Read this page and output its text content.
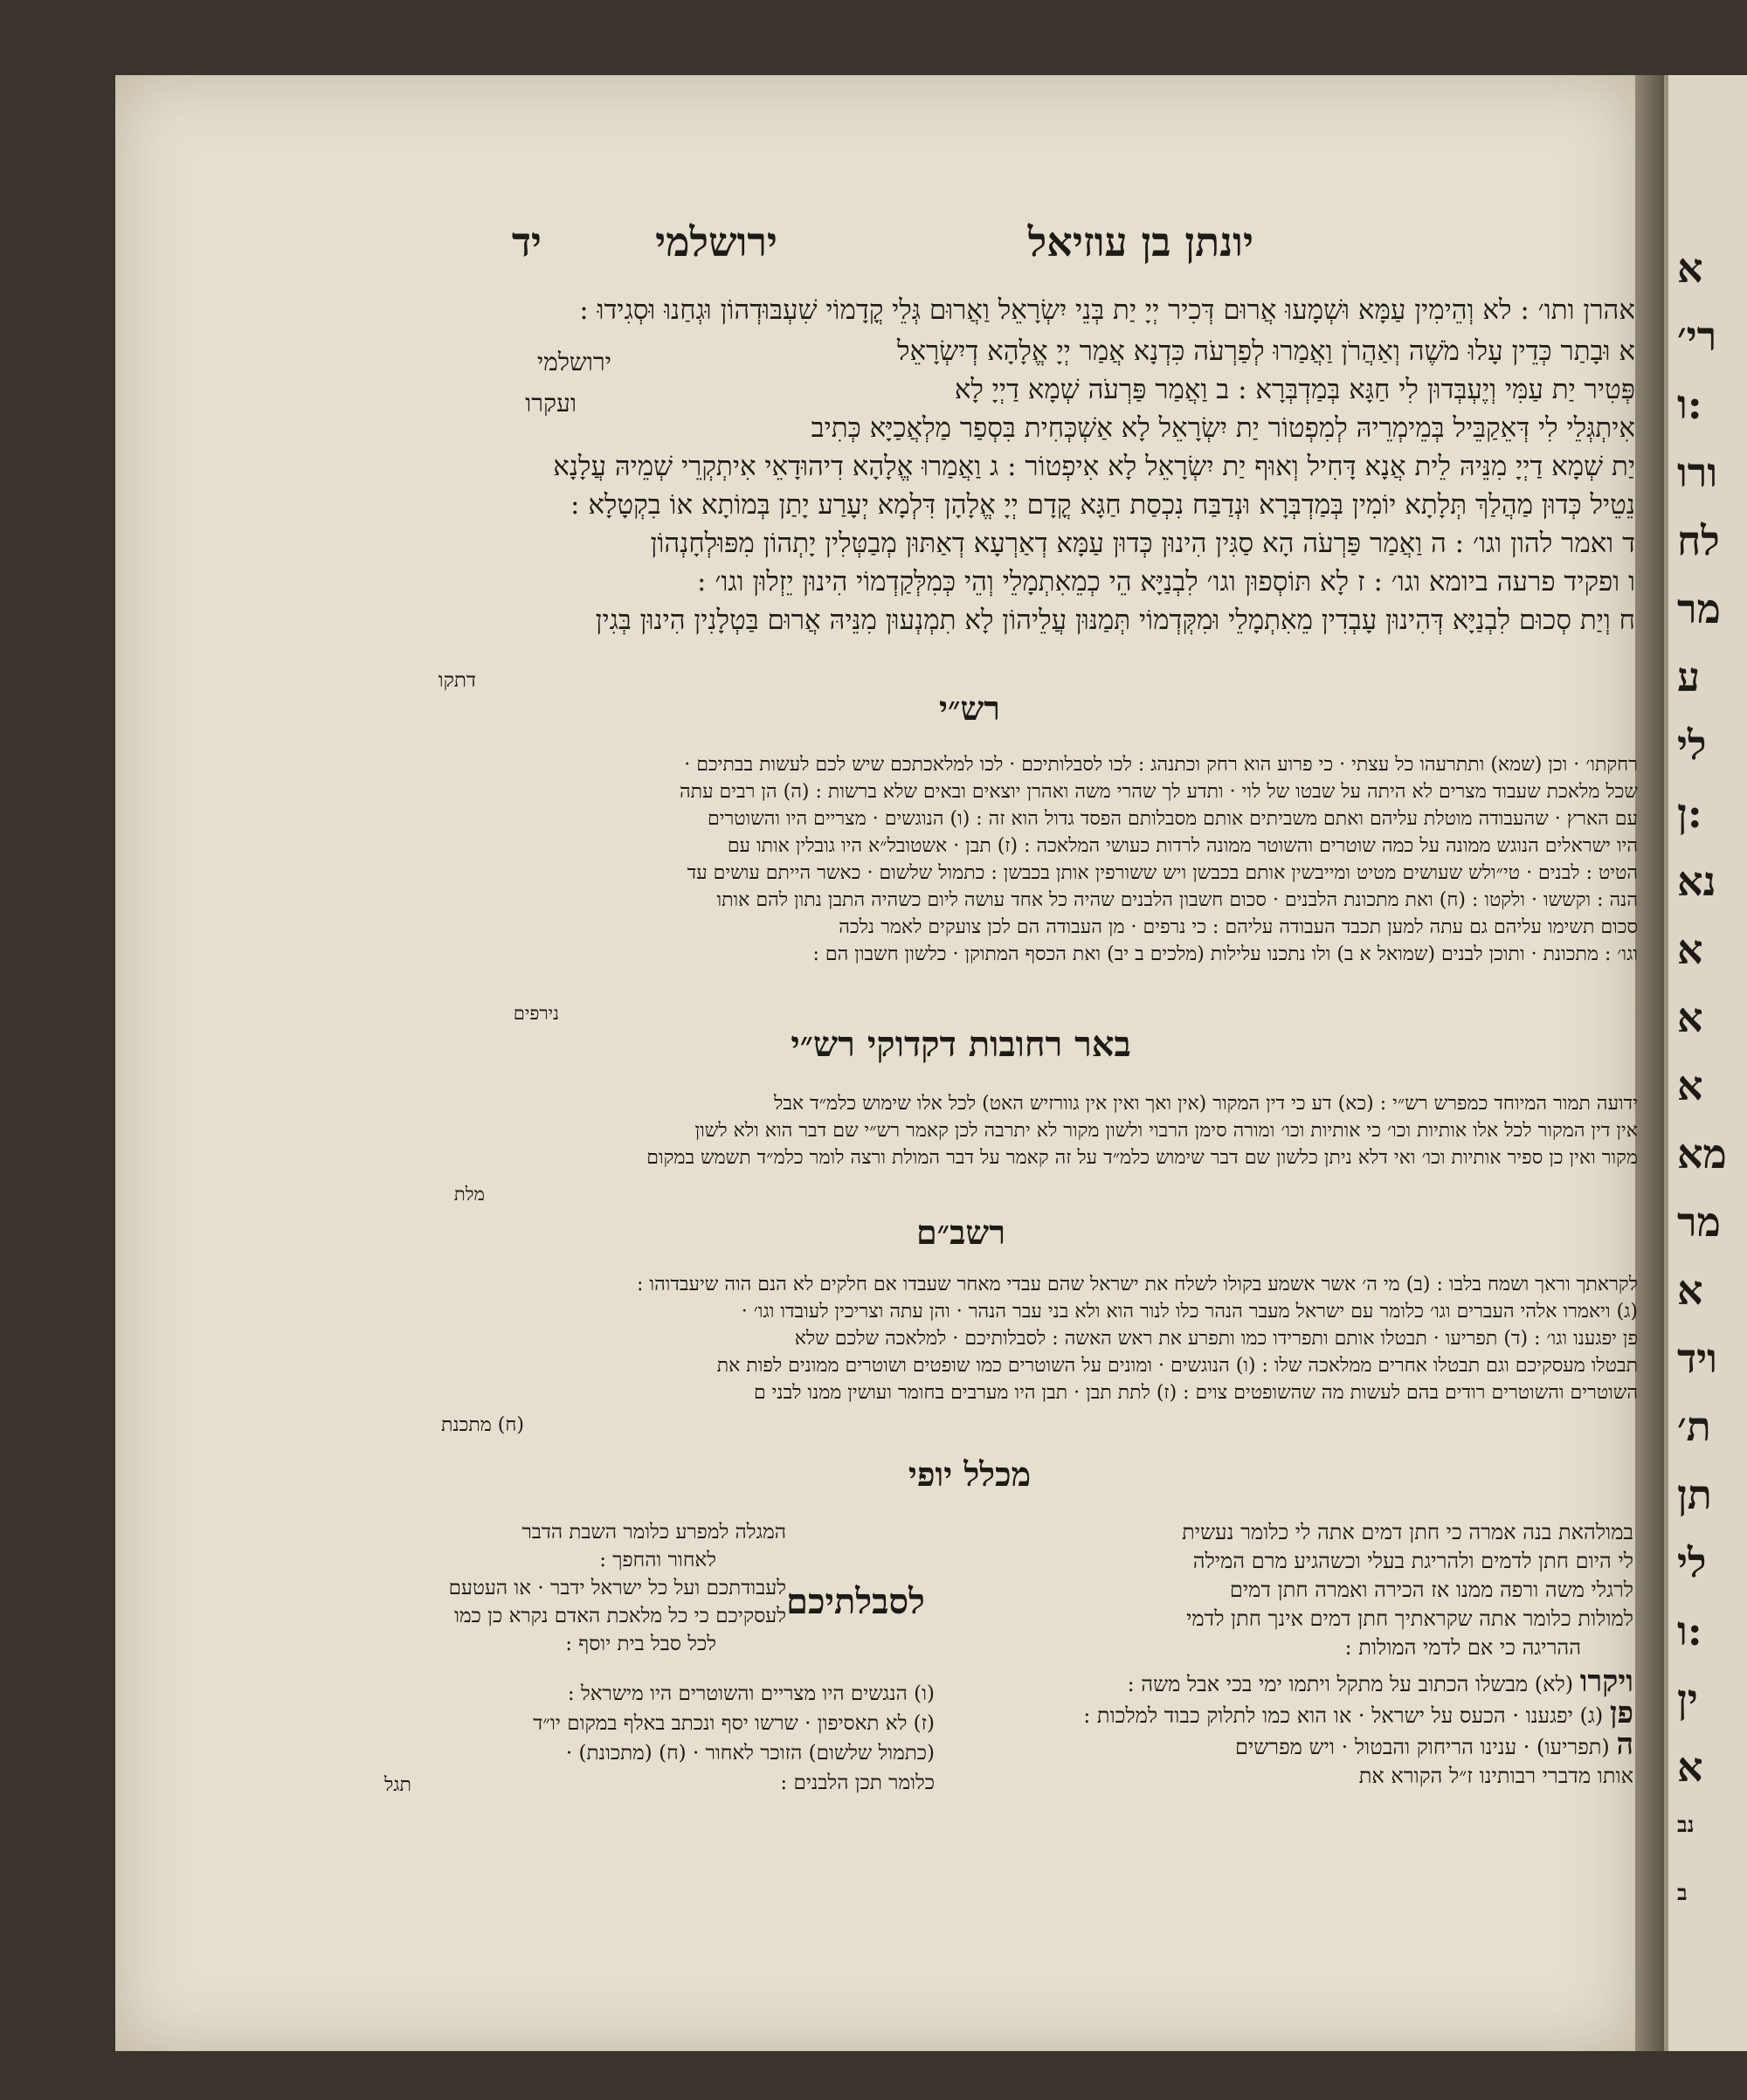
יונתן בן עוזיאל
ירושלמי
יד
ירושלמי
ועקרו
אהרן ותו׳ : לא וְהֵימִין עַמָּא וּשְׁמָעוּ אֲרוּם דְּכִיר יְיָ יַת בְּנֵי יִשְׂרָאֵל וַאֲרוּם גְּלֵי קֳדָמוֹי שִׁעְבּוּדְהוֹן וּגְחַנוּ וּסְגִידוּ :
א וּבָתַר כְּדֵין עָלוּ מֹשֶׁה וְאַהֲרֹן וַאֲמַרוּ לְפַרְעֹה כִּדְנָא אֲמַר יְיָ אֱלָהָא דְיִשְׂרָאֵל
פְּטִיר יַת עַמִּי וְיֶעְבְּדוּן לִי חַגָּא בְּמַדְבְּרָא : ב וַאֲמַר פַּרְעֹה שְׁמָא דַיְיָ לָא
אִיתְגְּלֵי לִי דְּאֵקַבֵּיל בְּמֵימְרֵיהּ לְמִפְטוֹר יַת יִשְׂרָאֵל לָא אַשְׁכְּחִית בִּסְפַר מַלְאֲכַיָּא כְּתִיב
יַת שְׁמָא דַיְיָ מִנֵּיהּ לֵית אֲנָא דָּחִיל וְאוּף יַת יִשְׂרָאֵל לָא אִיפְטוֹר : ג וַאֲמַרוּ אֱלָהָא דִיהוּדָאֵי אִיתְקְרֵי שְׁמֵיהּ עֲלָנָא
נֵטֵיל כְּדוּן מַהֲלַךְ תְּלָתָא יוֹמִין בְּמַדְבְּרָא וּנְדַבַּח נִכְסַת חַגָּא קֳדָם יְיָ אֱלָהָן דִּלְמָא יְעָרַע יָתַן בְּמוֹתָא אוֹ בִקְטָלָא :
ד ואמר להון וגו׳ : ה וַאֲמַר פַּרְעֹה הָא סַגִּין הִינוּן כְּדוּן עַמָּא דְאַרְעָא דְאַתּוּן מְבַטְּלִין יָתְהוֹן מִפּוּלְחָנְהוֹן
ו ופקיד פרעה ביומא וגו׳ : ז לָא תּוֹסְפוּן וגו׳ לִבְנַיָּא הֵי כְמֵאִתְמָלֵי וְהֵי כְּמִלְּקַדְמוֹי הִינוּן יֵזְלוּן וגו׳ :
ח וְיַת סְכוּם לִבְנַיָּא דְּהִינוּן עָבְדִין מֵאִתְמָלֵי וּמִקְּדְמוֹי תְּמַנּוּן עֲלֵיהוֹן לָא תִמְנְעוּן מִנֵּיהּ אֲרוּם בַּטְלָנִין הִינוּן בְּגִין
דתקו
רש״י
רחקתו׳ · וכן (שמא) ותתרעהו כל עצתי · כי פרוע הוא רחק וכתנהג : לכו לסבלותיכם · לכו למלאכתכם שיש לכם לעשות בבתיכם ·
שכל מלאכת שעבוד מצרים לא היתה על שבטו של לוי · ותדע לך שהרי משה ואהרן יוצאים ובאים שלא ברשות : (ה) הן רבים עתה
עם הארץ · שהעבודה מוטלת עליהם ואתם משביתים אותם מסבלותם הפסד גדול הוא זה : (ו) הנוגשים · מצריים היו והשוטרים
היו ישראלים הנוגש ממונה על כמה שוטרים והשוטר ממונה לרדות כעושי המלאכה : (ז) תבן · אשטובל״א היו גובלין אותו עם
הטיט : לבנים · טי״ולש שעושים מטיט ומייבשין אותם בכבשן ויש ששורפין אותן בכבשן : כתמול שלשום · כאשר הייתם עושים עד
הנה : וקששו · ולקטו : (ח) ואת מתכונת הלבנים · סכום חשבון הלבנים שהיה כל אחד עושה ליום כשהיה התבן נתון להם אותו
סכום תשימו עליהם גם עתה למען תכבד העבודה עליהם : כי נרפים · מן העבודה הם לכן צועקים לאמר נלכה
וגו׳ : מתכונת · ותוכן לבנים (שמואל א ב) ולו נתכנו עלילות (מלכים ב יב) ואת הכסף המתוקן · כלשון חשבון הם :
נירפים
באר רחובות דקדוקי רש״י
ידועה תמור המיוחד כמפרש רש״י : (כא) דע כי דין המקור (אין ואך ואין אין גוורזיש האט) לכל אלו שימוש כלמ״ד אבל
אין דין המקור לכל אלו אותיות וכו׳ כי אותיות וכו׳ ומורה סימן הרבוי ולשון מקור לא יתרבה לכן קאמר רש״י שם דבר הוא ולא לשון
מקור ואין כן ספיר אותיות וכו׳ ואי דלא ניתן כלשון שם דבר שימוש כלמ״ד על זה קאמר על דבר המולת ורצה לומר כלמ״ד תשמש במקום
מלת
רשב״ם
לקראתך וראך ושמח בלבו : (ב) מי ה׳ אשר אשמע בקולו לשלח את ישראל שהם עבדי מאחר שעבדו אם חלקים לא הנם הוה שיעבדוהו :
(ג) ויאמרו אלהי העברים וגו׳ כלומר עם ישראל מעבר הנהר כלו לנור הוא ולא בני עבר הנהר · והן עתה וצריכין לעובדו וגו׳ ·
פן יפגענו וגו׳ : (ד) תפריעו · תבטלו אותם ותפרידו כמו ותפרע את ראש האשה : לסבלותיכם · למלאכה שלכם שלא
תבטלו מעסקיכם וגם תבטלו אחרים ממלאכה שלו : (ו) הנוגשים · ומונים על השוטרים כמו שופטים ושוטרים ממונים לפות את
השוטרים והשוטרים רודים בהם לעשות מה שהשופטים צוים : (ז) לתת תבן · תבן היו מערבים בחומר ועושין ממנו לבני ם
(ח) מתכנת
מכלל יופי
במולהאת בנה אמרה כי חתן דמים אתה לי כלומר נעשית
לי היום חתן לדמים ולהריגת בעלי וכשהגיע מרם המילה
לרגלי משה ורפה ממנו אז הכירה ואמרה חתן דמים
למולות כלומר אתה שקראתיך חתן דמים אינך חתן לדמי
ההריגה כי אם לדמי המולות :
ויקרו (לא) מבשלו הכתוב על מתקל ויתמו ימי בכי אבל משה :
פן (ג) יפגענו · הכעס על ישראל · או הוא כמו לתלוק כבוד למלכות :
ה (תפריעו) · ענינו הריחוק והבטול · ויש מפרשים
אותו מדברי רבותינו ז״ל הקורא את
המגלה למפרע כלומר השבת הדבר
לאחור והחפך :
לעבודתכם ועל כל ישראל ידבר · או העטעם
לעסקיכם כי כל מלאכת האדם נקרא כן כמו
לכל סבל בית יוסף :
לסבלתיכם
(ו) הנגשים היו מצריים והשוטרים היו מישראל :
(ז) לא תאסיפון · שרשו יסף ונכתב באלף במקום יו״ד
(כתמול שלשום) הזוכר לאחור · (ח) (מתכונת) ·
כלומר תכן הלבנים :
תגל
א
רי׳
ו:
ורו
לח
מר
ע
לי
ן:
נא
א
א
א
מא
מר
א
ויד
ת׳
תן
לי
ו:
ין
א
נב
ב
